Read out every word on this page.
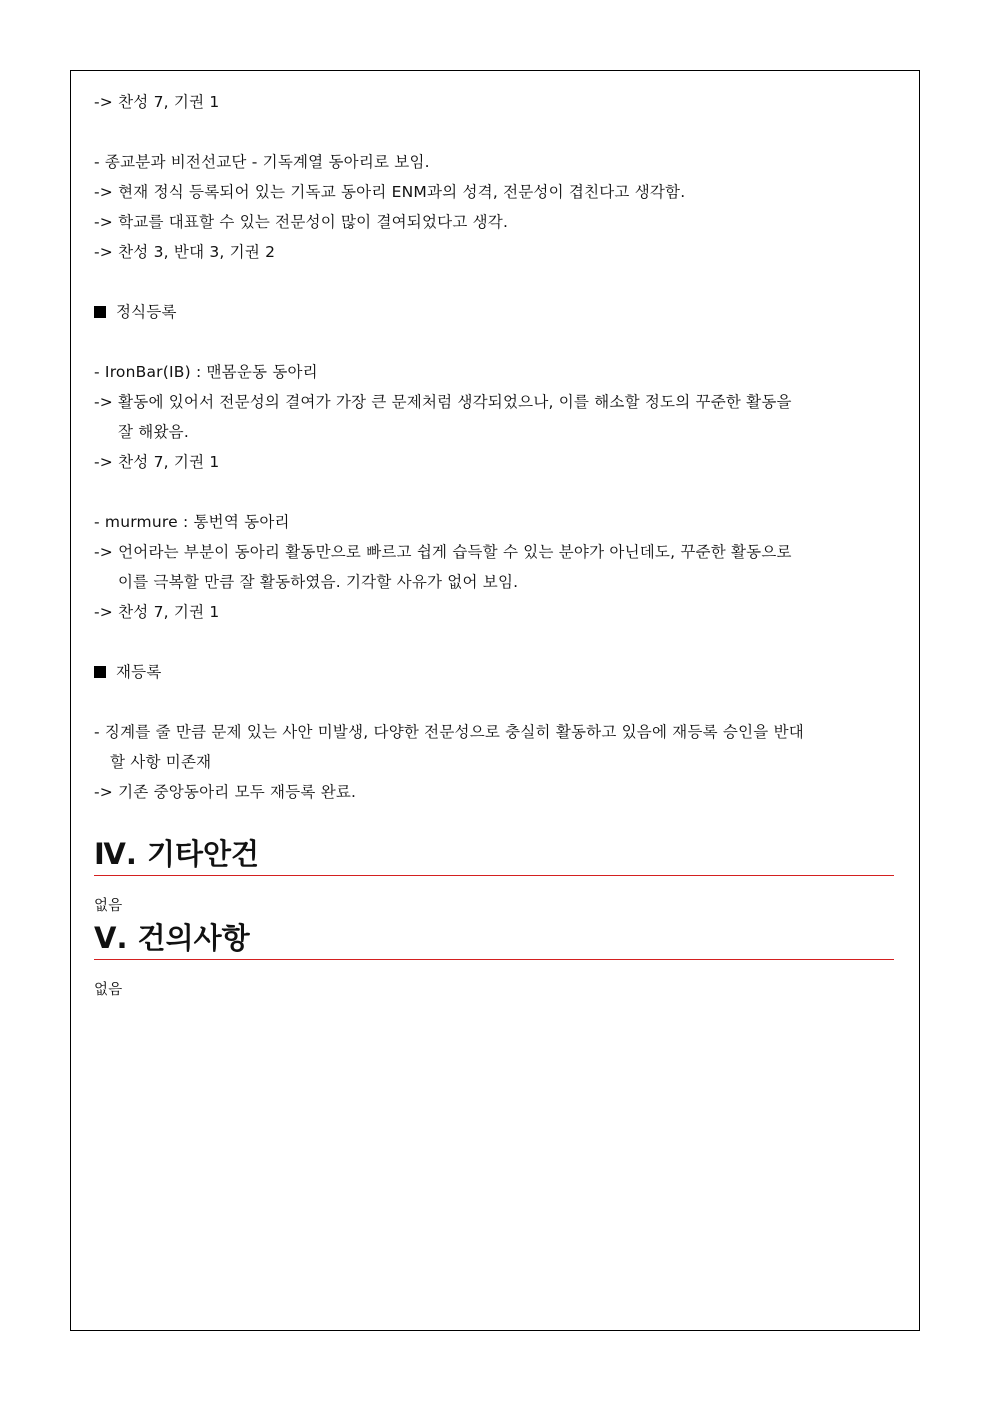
-> 찬성 7, 기권 1
- 종교분과 비전선교단 - 기독계열 동아리로 보임.
-> 현재 정식 등록되어 있는 기독교 동아리 ENM과의 성격, 전문성이 겹친다고 생각함.
-> 학교를 대표할 수 있는 전문성이 많이 결여되었다고 생각.
-> 찬성 3, 반대 3, 기권 2
정식등록
- IronBar(IB) : 맨몸운동 동아리
-> 활동에 있어서 전문성의 결여가 가장 큰 문제처럼 생각되었으나, 이를 해소할 정도의 꾸준한 활동을
잘 해왔음.
-> 찬성 7, 기권 1
- murmure : 통번역 동아리
-> 언어라는 부분이 동아리 활동만으로 빠르고 쉽게 습득할 수 있는 분야가 아닌데도, 꾸준한 활동으로
이를 극복할 만큼 잘 활동하였음. 기각할 사유가 없어 보임.
-> 찬성 7, 기권 1
재등록
- 징계를 줄 만큼 문제 있는 사안 미발생, 다양한 전문성으로 충실히 활동하고 있음에 재등록 승인을 반대
할 사항 미존재
-> 기존 중앙동아리 모두 재등록 완료.
Ⅳ. 기타안건
없음
Ⅴ. 건의사항
없음
